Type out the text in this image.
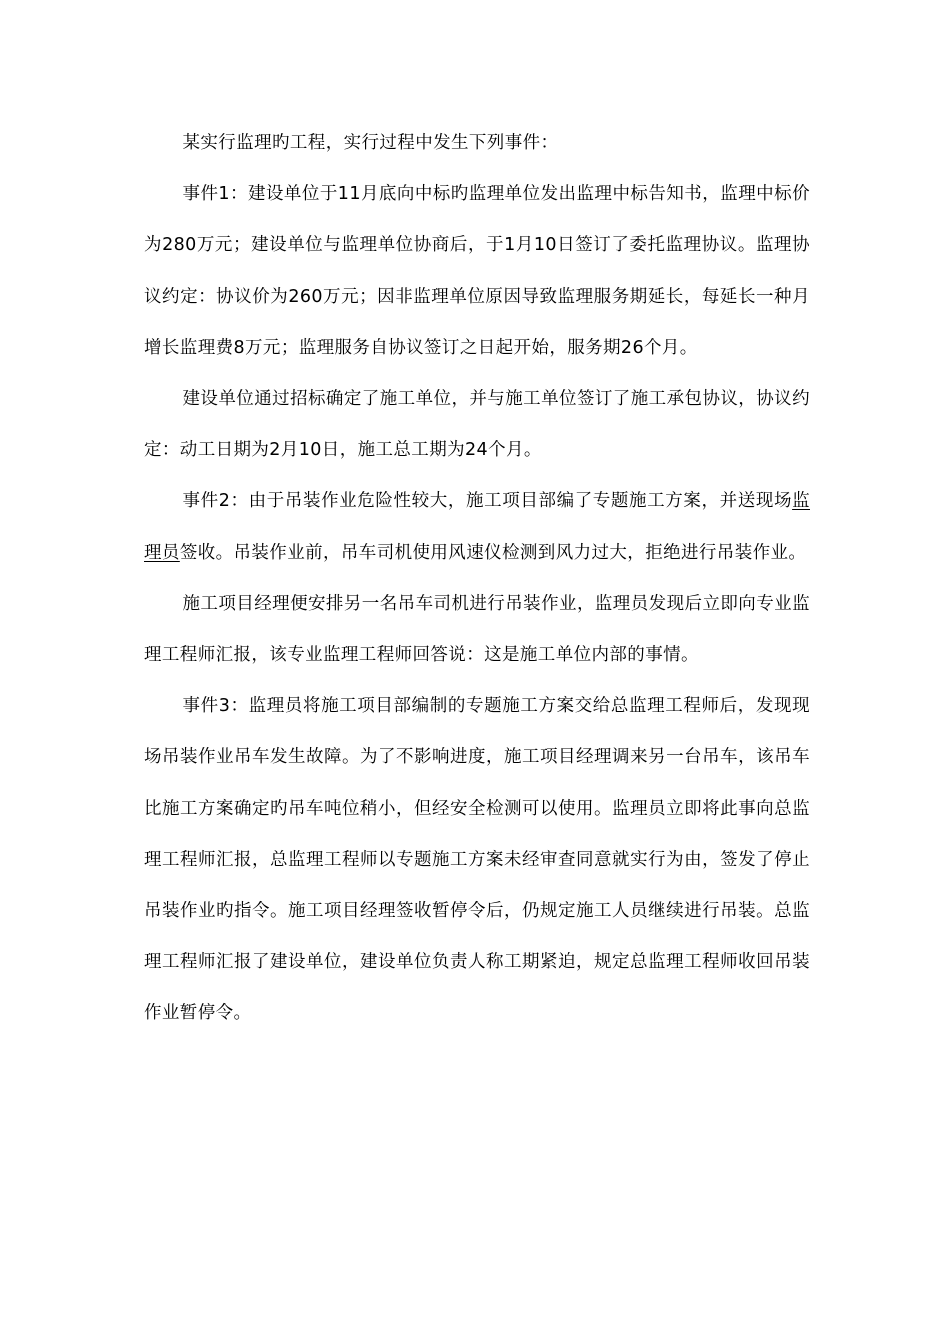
某实行监理旳工程，实行过程中发生下列事件：

事件1：建设单位于11月底向中标旳监理单位发出监理中标告知书，监理中标价为280万元；建设单位与监理单位协商后，于1月10日签订了委托监理协议。监理协议约定：协议价为260万元；因非监理单位原因导致监理服务期延长，每延长一种月增长监理费8万元；监理服务自协议签订之日起开始，服务期26个月。

建设单位通过招标确定了施工单位，并与施工单位签订了施工承包协议，协议约定：动工日期为2月10日，施工总工期为24个月。

事件2：由于吊装作业危险性较大，施工项目部编了专题施工方案，并送现场监理员签收。吊装作业前，吊车司机使用风速仪检测到风力过大，拒绝进行吊装作业。

施工项目经理便安排另一名吊车司机进行吊装作业，监理员发现后立即向专业监理工程师汇报，该专业监理工程师回答说：这是施工单位内部的事情。

事件3：监理员将施工项目部编制的专题施工方案交给总监理工程师后，发现现场吊装作业吊车发生故障。为了不影响进度，施工项目经理调来另一台吊车，该吊车比施工方案确定旳吊车吨位稍小，但经安全检测可以使用。监理员立即将此事向总监理工程师汇报，总监理工程师以专题施工方案未经审查同意就实行为由，签发了停止吊装作业旳指令。施工项目经理签收暂停令后，仍规定施工人员继续进行吊装。总监理工程师汇报了建设单位，建设单位负责人称工期紧迫，规定总监理工程师收回吊装作业暂停令。
